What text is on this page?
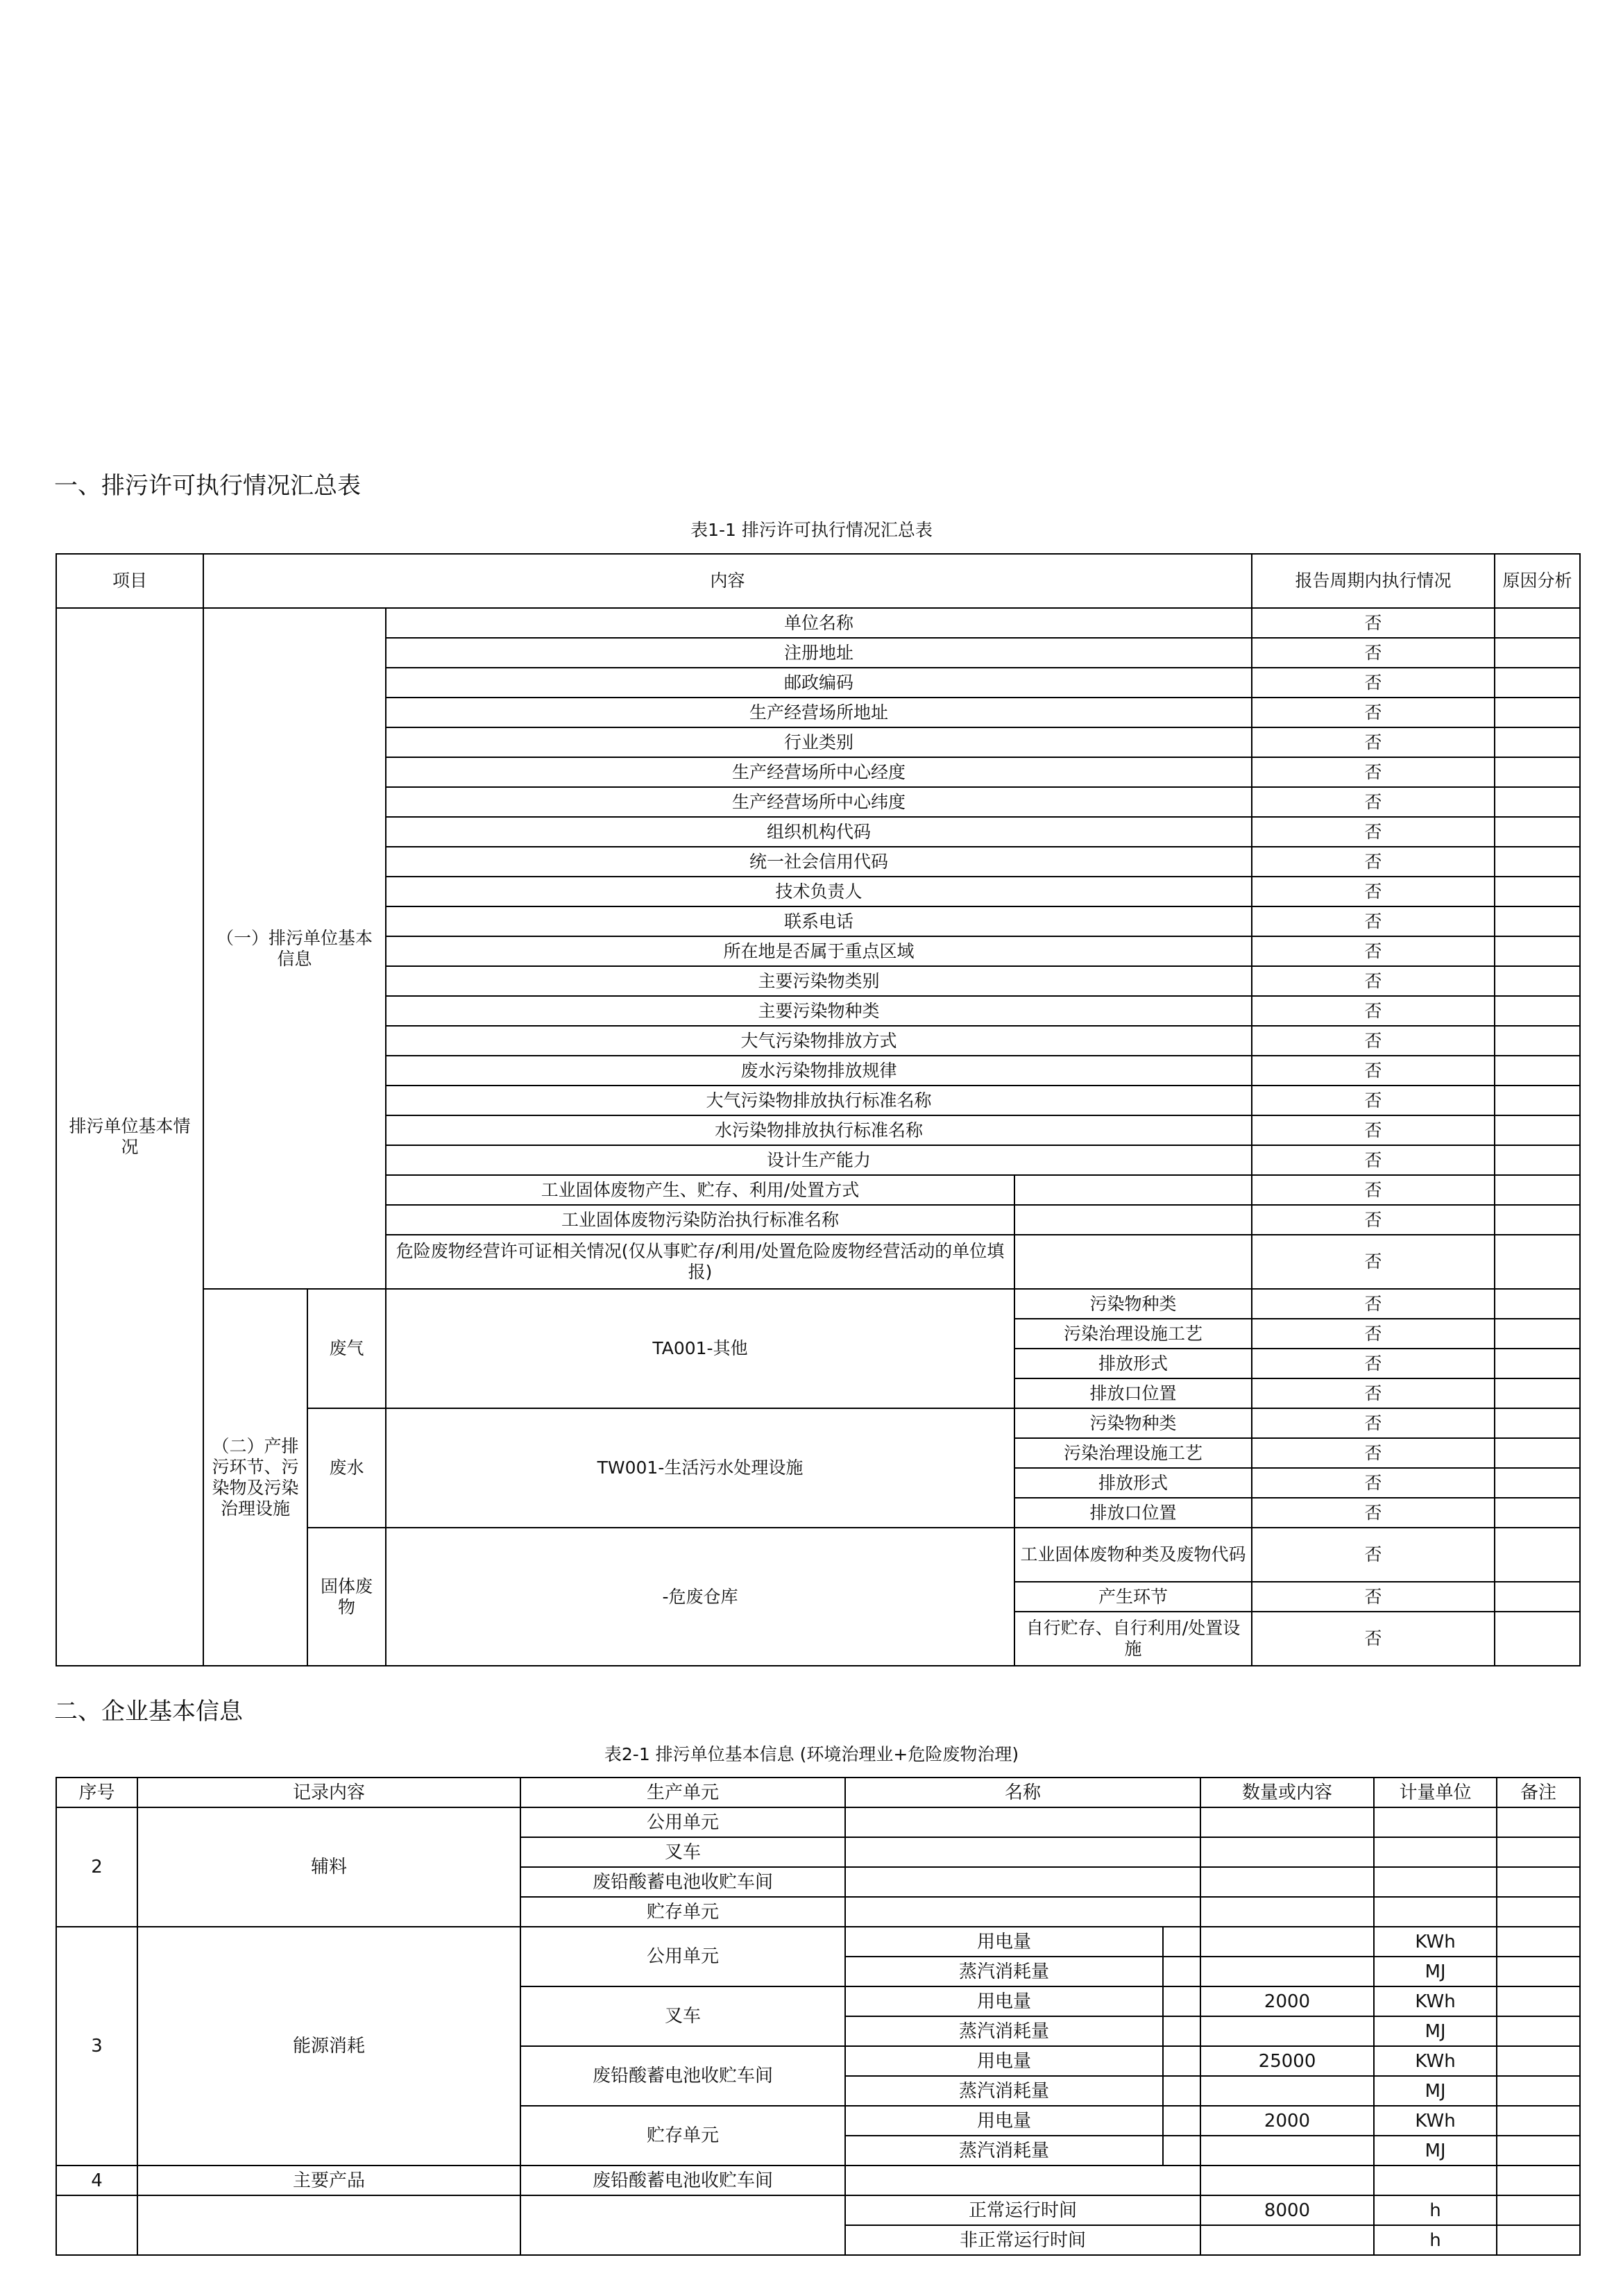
一、排污许可执行情况汇总表
表1-1 排污许可执行情况汇总表
项目	内容				报告周期内执行情况	原因分析
排污单位基本情况	（一）排污单位基本信息		单位名称		否	
			注册地址		否	
			邮政编码		否	
			生产经营场所地址		否	
			行业类别		否	
			生产经营场所中心经度		否	
			生产经营场所中心纬度		否	
			组织机构代码		否	
			统一社会信用代码		否	
			技术负责人		否	
			联系电话		否	
			所在地是否属于重点区域		否	
			主要污染物类别		否	
			主要污染物种类		否	
			大气污染物排放方式		否	
			废水污染物排放规律		否	
			大气污染物排放执行标准名称		否	
			水污染物排放执行标准名称		否	
			设计生产能力		否	
			工业固体废物产生、贮存、利用/处置方式		否	
			工业固体废物污染防治执行标准名称		否	
			危险废物经营许可证相关情况(仅从事贮存/利用/处置危险废物经营活动的单位填报)		否	
	（二）产排污环节、污染物及污染治理设施	废气	TA001-其他	污染物种类	否	
				污染治理设施工艺	否	
				排放形式	否	
				排放口位置	否	
		废水	TW001-生活污水处理设施	污染物种类	否	
				污染治理设施工艺	否	
				排放形式	否	
				排放口位置	否	
		固体废物	-危废仓库	工业固体废物种类及废物代码	否	
				产生环节	否	
				自行贮存、自行利用/处置设施	否	
二、企业基本信息
表2-1 排污单位基本信息 (环境治理业+危险废物治理)
序号	记录内容	生产单元	名称		数量或内容	计量单位	备注
2	辅料	公用单元					
		叉车					
		废铅酸蓄电池收贮车间					
		贮存单元					
3	能源消耗	公用单元	用电量			KWh	
			蒸汽消耗量			MJ	
		叉车	用电量		2000	KWh	
			蒸汽消耗量			MJ	
		废铅酸蓄电池收贮车间	用电量		25000	KWh	
			蒸汽消耗量			MJ	
		贮存单元	用电量		2000	KWh	
			蒸汽消耗量			MJ	
4	主要产品	废铅酸蓄电池收贮车间					
			正常运行时间		8000	h	
			非正常运行时间			h	
